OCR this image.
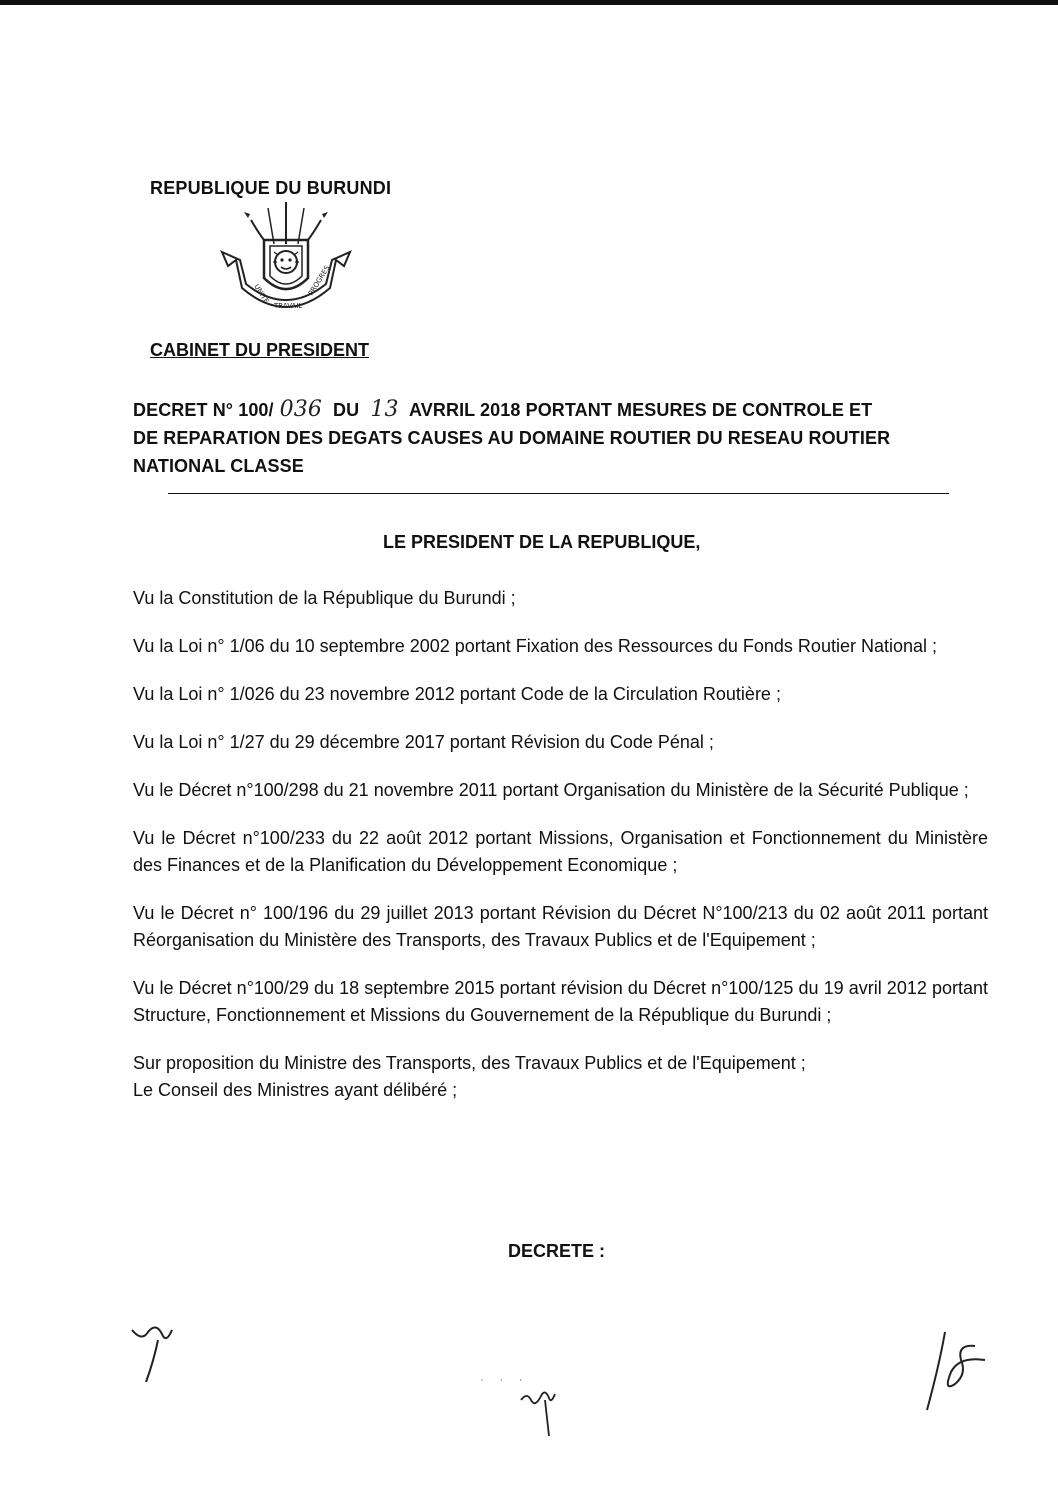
REPUBLIQUE DU BURUNDI
UNITE
TRAVAIL
PROGRES
CABINET DU PRESIDENT
DECRET N° 100/ 036 DU 13 AVRRIL 2018 PORTANT MESURES DE CONTROLE ET
DE REPARATION DES DEGATS CAUSES AU DOMAINE ROUTIER DU RESEAU ROUTIER
NATIONAL CLASSE
LE PRESIDENT DE LA REPUBLIQUE,

Vu la Constitution de la République du Burundi ;

Vu la Loi n° 1/06 du 10 septembre 2002 portant Fixation des Ressources du Fonds Routier National ;

Vu la Loi n° 1/026 du 23 novembre 2012 portant Code de la Circulation Routière ;

Vu la Loi n° 1/27 du 29 décembre 2017 portant Révision du Code Pénal ;

Vu le Décret n°100/298 du 21 novembre 2011 portant Organisation du Ministère de la Sécurité Publique ;

Vu le Décret n°100/233 du 22 août 2012 portant Missions, Organisation et Fonctionnement du Ministère des Finances et de la Planification du Développement Economique ;

Vu le Décret n° 100/196 du 29 juillet 2013 portant Révision du Décret N°100/213 du 02 août 2011 portant Réorganisation du Ministère des Transports, des Travaux Publics et de l'Equipement ;

Vu le Décret n°100/29 du 18 septembre 2015 portant révision du Décret n°100/125 du 19 avril 2012 portant Structure, Fonctionnement et Missions du Gouvernement de la République du Burundi ;

Sur proposition du Ministre des Transports, des Travaux Publics et de l'Equipement ;

Le Conseil des Ministres ayant délibéré ;

DECRETE :
· · ·
